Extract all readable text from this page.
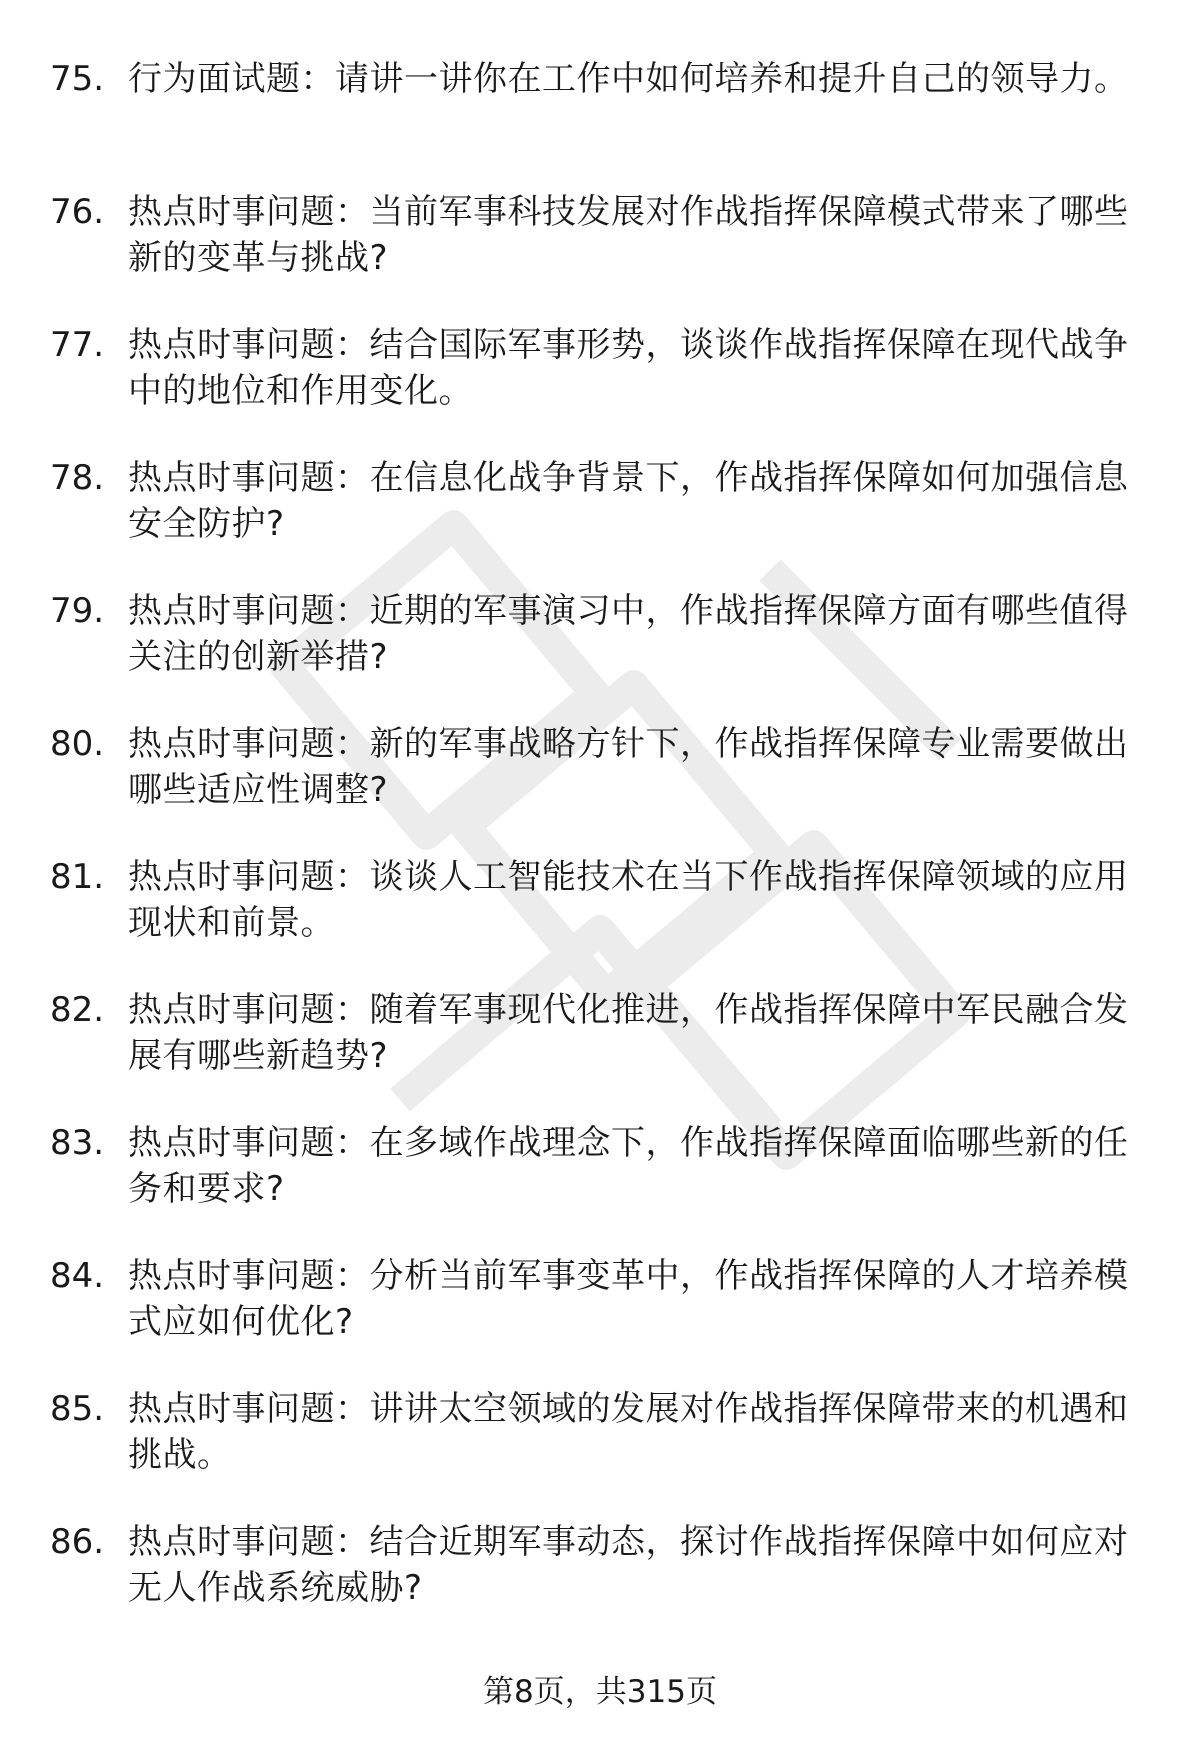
75. 行为面试题：请讲一讲你在工作中如何培养和提升自己的领导力。
76. 热点时事问题：当前军事科技发展对作战指挥保障模式带来了哪些新的变革与挑战?
77. 热点时事问题：结合国际军事形势，谈谈作战指挥保障在现代战争中的地位和作用变化。
78. 热点时事问题：在信息化战争背景下，作战指挥保障如何加强信息安全防护?
79. 热点时事问题：近期的军事演习中，作战指挥保障方面有哪些值得关注的创新举措?
80. 热点时事问题：新的军事战略方针下，作战指挥保障专业需要做出哪些适应性调整?
81. 热点时事问题：谈谈人工智能技术在当下作战指挥保障领域的应用现状和前景。
82. 热点时事问题：随着军事现代化推进，作战指挥保障中军民融合发展有哪些新趋势?
83. 热点时事问题：在多域作战理念下，作战指挥保障面临哪些新的任务和要求?
84. 热点时事问题：分析当前军事变革中，作战指挥保障的人才培养模式应如何优化?
85. 热点时事问题：讲讲太空领域的发展对作战指挥保障带来的机遇和挑战。
86. 热点时事问题：结合近期军事动态，探讨作战指挥保障中如何应对无人作战系统威胁?
第8页，共315页
